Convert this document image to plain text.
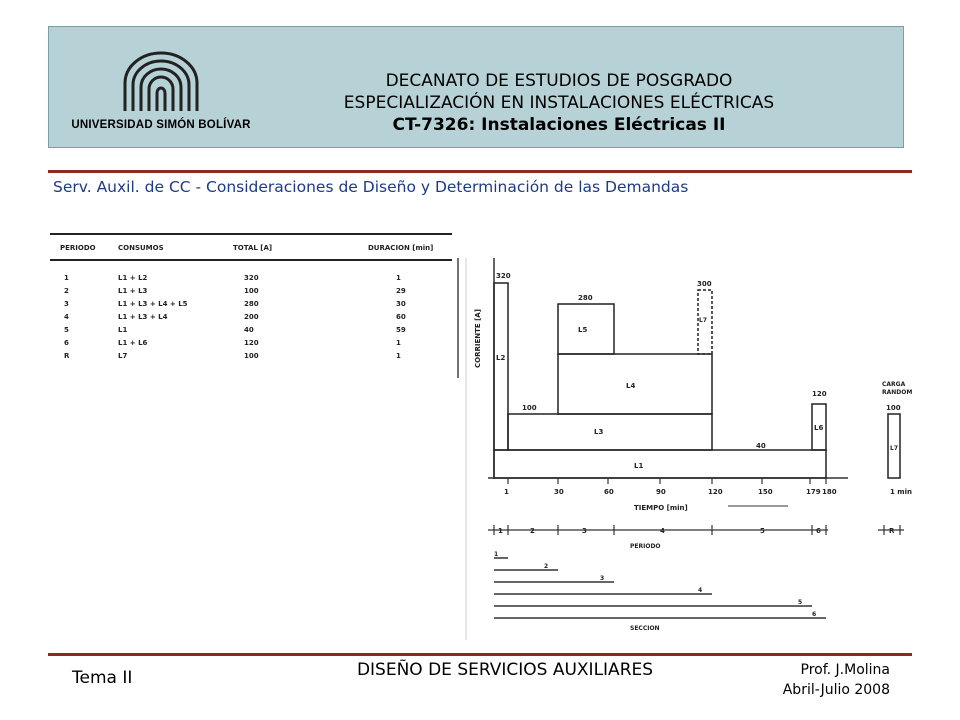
UNIVERSIDAD SIMÓN BOLÍVAR
DECANATO DE ESTUDIOS DE POSGRADO
ESPECIALIZACIÓN EN INSTALACIONES ELÉCTRICAS
CT-7326: Instalaciones Eléctricas II
Serv. Auxil. de CC - Consideraciones de Diseño y Determinación de las Demandas
PERIODO	CONSUMOS	TOTAL [A]	DURACION [min]
1	L1 + L2	320	1
2	L1 + L3	100	29
3	L1 + L3 + L4 + L5	280	30
4	L1 + L3 + L4	200	60
5	L1	40	59
6	L1 + L6	120	1
R	L7	100	1	CORRIENTE [A]
L1
L2
L3
L4
L5
L6
L7
320
280
300
100
40
120
1	30	60	90	120	150	179 180
TIEMPO [min]
CARGA
RANDOM
100
L7
1 min
1	2	3	4	5	6	R
PERIODO
1
2
3
4
5
6
SECCION
Tema II	DISEÑO DE SERVICIOS AUXILIARES	Prof. J.Molina
Abril-Julio 2008
